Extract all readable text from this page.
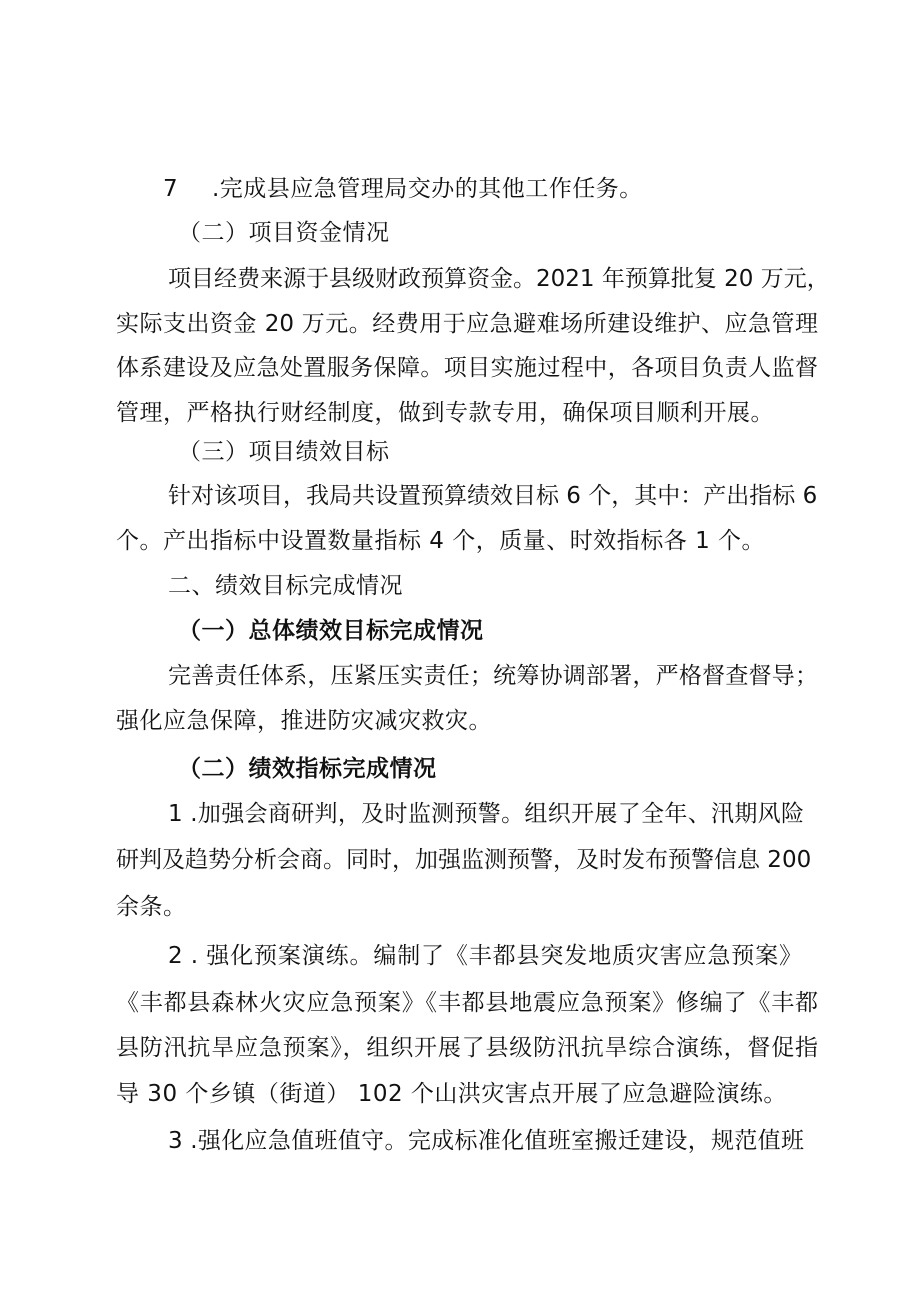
7 .完成县应急管理局交办的其他工作任务。
（二）项目资金情况
项目经费来源于县级财政预算资金。2021 年预算批复 20 万元，
实际支出资金 20 万元。经费用于应急避难场所建设维护、应急管理
体系建设及应急处置服务保障。项目实施过程中，各项目负责人监督
管理，严格执行财经制度，做到专款专用，确保项目顺利开展。
（三）项目绩效目标
针对该项目，我局共设置预算绩效目标 6 个，其中：产出指标 6
个。产出指标中设置数量指标 4 个，质量、时效指标各 1 个。
二、绩效目标完成情况
（一）总体绩效目标完成情况
完善责任体系，压紧压实责任；统筹协调部署，严格督查督导；
强化应急保障，推进防灾减灾救灾。
（二）绩效指标完成情况
1 .加强会商研判，及时监测预警。组织开展了全年、汛期风险
研判及趋势分析会商。同时，加强监测预警，及时发布预警信息 200
余条。
2 . 强化预案演练。编制了《丰都县突发地质灾害应急预案》
《丰都县森林火灾应急预案》《丰都县地震应急预案》修编了《丰都
县防汛抗旱应急预案》，组织开展了县级防汛抗旱综合演练，督促指
导 30 个乡镇（街道） 102 个山洪灾害点开展了应急避险演练。
3 .强化应急值班值守。完成标准化值班室搬迁建设，规范值班
